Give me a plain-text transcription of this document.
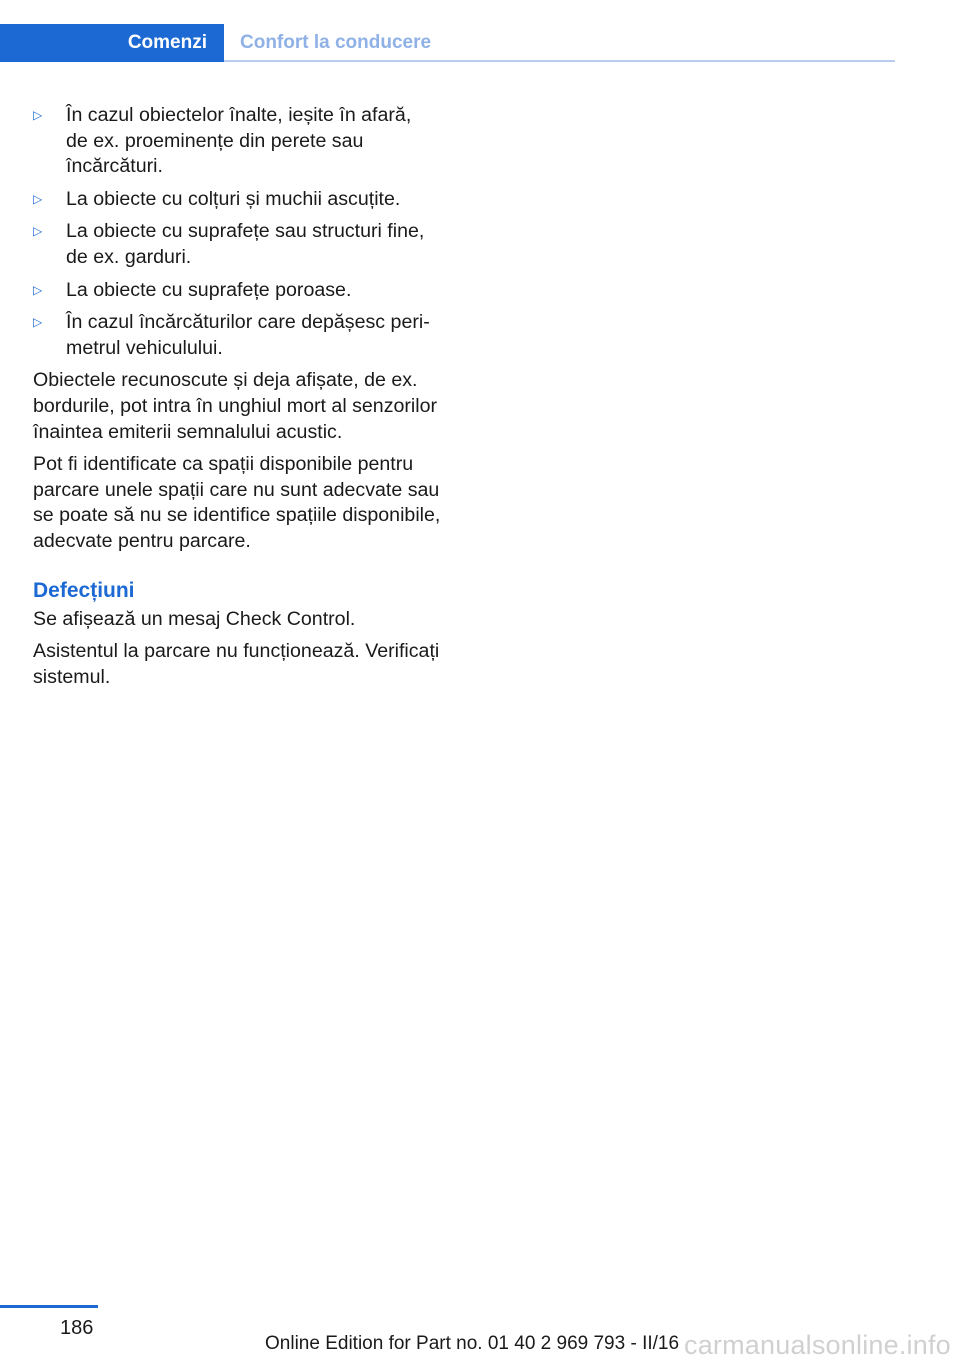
Comenzi	Confort la conducere
▷ În cazul obiectelor înalte, ieșite în afară,
de ex. proeminențe din perete sau
încărcături.
▷ La obiecte cu colțuri și muchii ascuțite.
▷ La obiecte cu suprafețe sau structuri fine,
de ex. garduri.
▷ La obiecte cu suprafețe poroase.
▷ În cazul încărcăturilor care depășesc peri‐
metrul vehiculului.

Obiectele recunoscute și deja afișate, de ex.
bordurile, pot intra în unghiul mort al senzorilor
înaintea emiterii semnalului acustic.

Pot fi identificate ca spații disponibile pentru
parcare unele spații care nu sunt adecvate sau
se poate să nu se identifice spațiile disponibile,
adecvate pentru parcare.

Defecțiuni

Se afișează un mesaj Check Control.

Asistentul la parcare nu funcționează. Verificați
sistemul.

186
Online Edition for Part no. 01 40 2 969 793 - II/16 carmanualsonline.info
